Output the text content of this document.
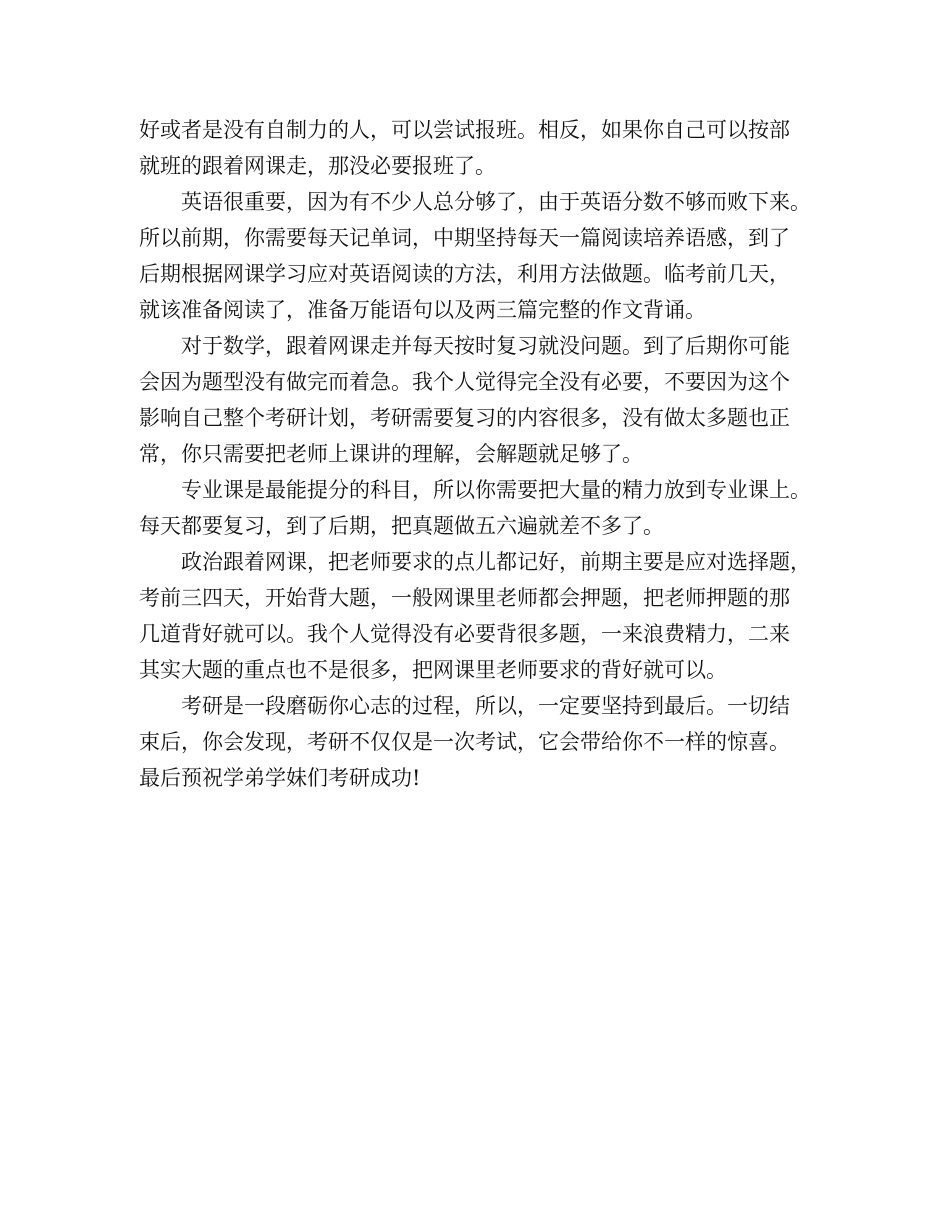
好或者是没有自制力的人，可以尝试报班。相反，如果你自己可以按部
就班的跟着网课走，那没必要报班了。
英语很重要，因为有不少人总分够了，由于英语分数不够而败下来。
所以前期，你需要每天记单词，中期坚持每天一篇阅读培养语感，到了
后期根据网课学习应对英语阅读的方法，利用方法做题。临考前几天，
就该准备阅读了，准备万能语句以及两三篇完整的作文背诵。
对于数学，跟着网课走并每天按时复习就没问题。到了后期你可能
会因为题型没有做完而着急。我个人觉得完全没有必要，不要因为这个
影响自己整个考研计划，考研需要复习的内容很多，没有做太多题也正
常，你只需要把老师上课讲的理解，会解题就足够了。
专业课是最能提分的科目，所以你需要把大量的精力放到专业课上。
每天都要复习，到了后期，把真题做五六遍就差不多了。
政治跟着网课，把老师要求的点儿都记好，前期主要是应对选择题，
考前三四天，开始背大题，一般网课里老师都会押题，把老师押题的那
几道背好就可以。我个人觉得没有必要背很多题，一来浪费精力，二来
其实大题的重点也不是很多，把网课里老师要求的背好就可以。
考研是一段磨砺你心志的过程，所以，一定要坚持到最后。一切结
束后，你会发现，考研不仅仅是一次考试，它会带给你不一样的惊喜。
最后预祝学弟学妹们考研成功!
